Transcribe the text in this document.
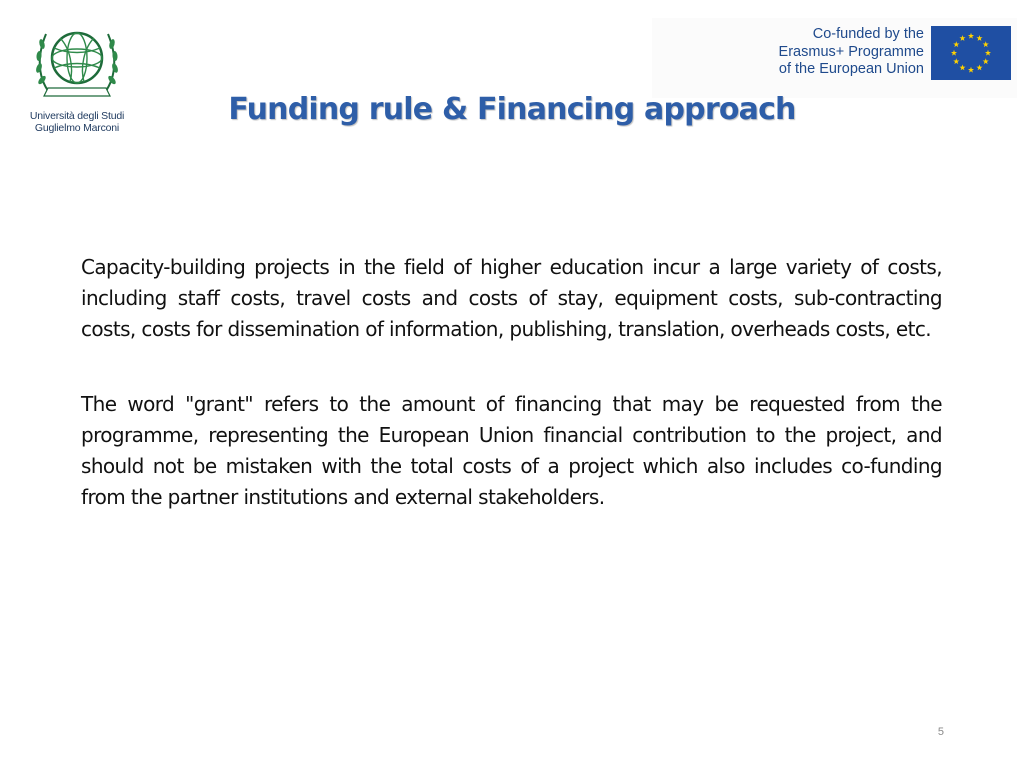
Università degli Studi
Guglielmo Marconi
Co-funded by the
Erasmus+ Programme
of the European Union
Funding rule & Financing approach

Capacity-building projects in the field of higher education incur a large variety of costs, including staff costs, travel costs and costs of stay, equipment costs, sub-contracting costs, costs for dissemination of information, publishing, translation, overheads costs, etc.

The word "grant" refers to the amount of financing that may be requested from the programme, representing the European Union financial contribution to the project, and should not be mistaken with the total costs of a project which also includes co-funding from the partner institutions and external stakeholders.

5
